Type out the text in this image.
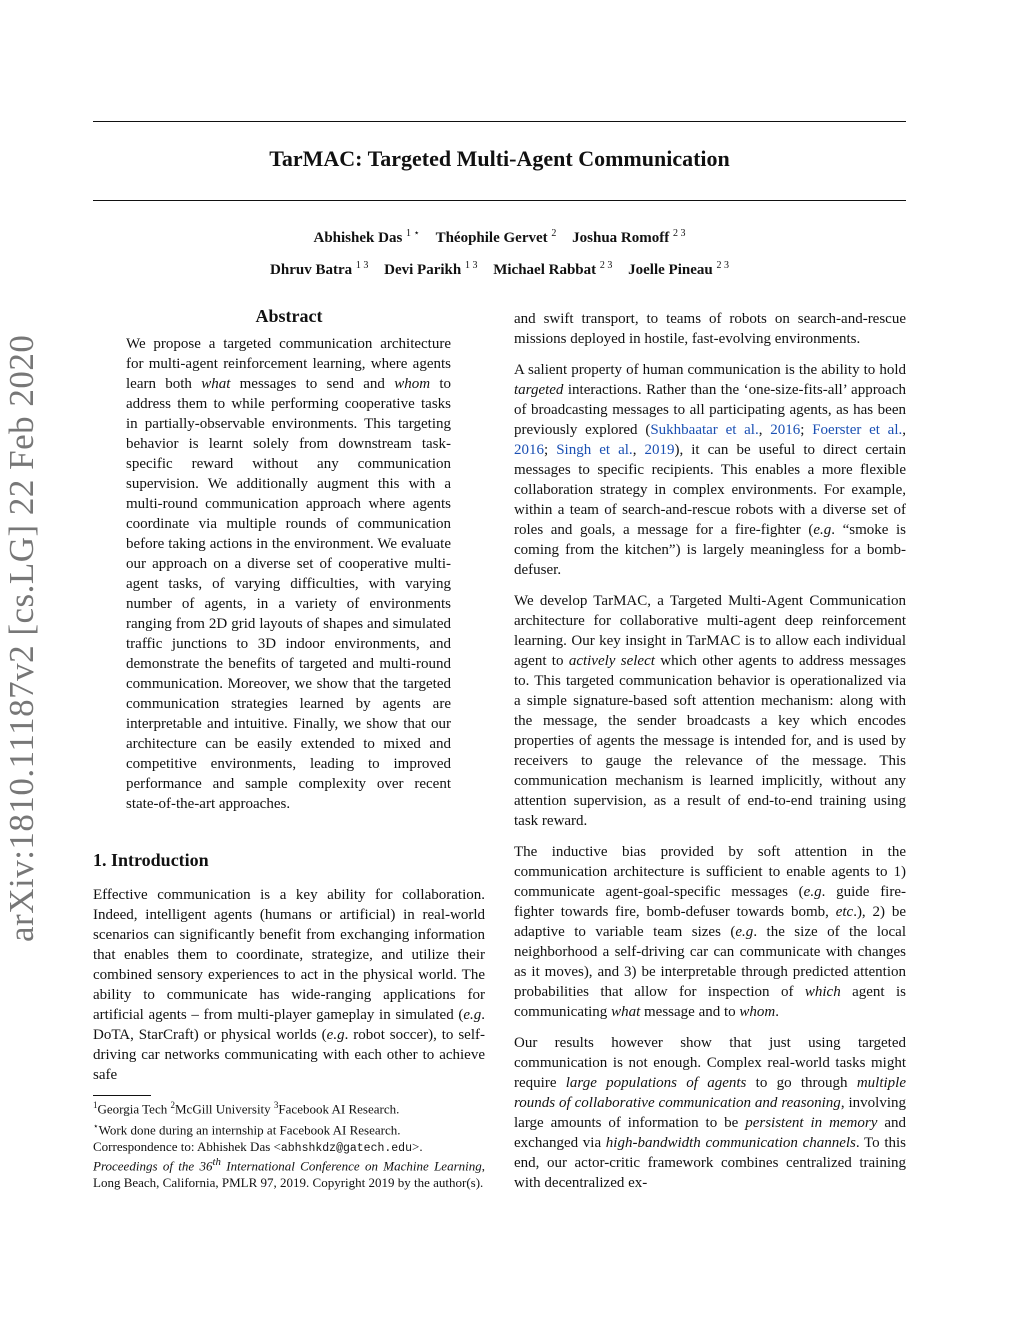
TarMAC: Targeted Multi-Agent Communication
Abhishek Das $^{1 ⋆}$ Théophile Gervet $^2$ Joshua Romoff $^{2 3}$
Dhruv Batra $^{1 3}$ Devi Parikh $^{1 3}$ Michael Rabbat $^{2 3}$ Joelle Pineau $^{2 3}$
arXiv:1810.11187v2 [cs.LG] 22 Feb 2020
Abstract
We propose a targeted communication architecture for multi-agent reinforcement learning, where agents learn both what messages to send and whom to address them to while performing cooperative tasks in partially-observable environments. This targeting behavior is learnt solely from downstream task-specific reward without any communication supervision. We additionally augment this with a multi-round communication approach where agents coordinate via multiple rounds of communication before taking actions in the environment. We evaluate our approach on a diverse set of cooperative multi-agent tasks, of varying difficulties, with varying number of agents, in a variety of environments ranging from 2D grid layouts of shapes and simulated traffic junctions to 3D indoor environments, and demonstrate the benefits of targeted and multi-round communication. Moreover, we show that the targeted communication strategies learned by agents are interpretable and intuitive. Finally, we show that our architecture can be easily extended to mixed and competitive environments, leading to improved performance and sample complexity over recent state-of-the-art approaches.
1. Introduction
Effective communication is a key ability for collaboration. Indeed, intelligent agents (humans or artificial) in real-world scenarios can significantly benefit from exchanging information that enables them to coordinate, strategize, and utilize their combined sensory experiences to act in the physical world. The ability to communicate has wide-ranging applications for artificial agents – from multi-player gameplay in simulated (e.g. DoTA, StarCraft) or physical worlds (e.g. robot soccer), to self-driving car networks communicating with each other to achieve safe
$^1$Georgia Tech $^2$McGill University $^3$Facebook AI Research.
⋆Work done during an internship at Facebook AI Research.
Correspondence to: Abhishek Das <abhshkdz@gatech.edu>.
Proceedings of the 36th International Conference on Machine Learning, Long Beach, California, PMLR 97, 2019. Copyright 2019 by the author(s).

and swift transport, to teams of robots on search-and-rescue missions deployed in hostile, fast-evolving environments.

A salient property of human communication is the ability to hold targeted interactions. Rather than the ‘one-size-fits-all’ approach of broadcasting messages to all participating agents, as has been previously explored (Sukhbaatar et al., 2016; Foerster et al., 2016; Singh et al., 2019), it can be useful to direct certain messages to specific recipients. This enables a more flexible collaboration strategy in complex environments. For example, within a team of search-and-rescue robots with a diverse set of roles and goals, a message for a fire-fighter (e.g. “smoke is coming from the kitchen”) is largely meaningless for a bomb-defuser.

We develop TarMAC, a Targeted Multi-Agent Communication architecture for collaborative multi-agent deep reinforcement learning. Our key insight in TarMAC is to allow each individual agent to actively select which other agents to address messages to. This targeted communication behavior is operationalized via a simple signature-based soft attention mechanism: along with the message, the sender broadcasts a key which encodes properties of agents the message is intended for, and is used by receivers to gauge the relevance of the message. This communication mechanism is learned implicitly, without any attention supervision, as a result of end-to-end training using task reward.

The inductive bias provided by soft attention in the communication architecture is sufficient to enable agents to 1) communicate agent-goal-specific messages (e.g. guide fire-fighter towards fire, bomb-defuser towards bomb, etc.), 2) be adaptive to variable team sizes (e.g. the size of the local neighborhood a self-driving car can communicate with changes as it moves), and 3) be interpretable through predicted attention probabilities that allow for inspection of which agent is communicating what message and to whom.

Our results however show that just using targeted communication is not enough. Complex real-world tasks might require large populations of agents to go through multiple rounds of collaborative communication and reasoning, involving large amounts of information to be persistent in memory and exchanged via high-bandwidth communication channels. To this end, our actor-critic framework combines centralized training with decentralized ex-
